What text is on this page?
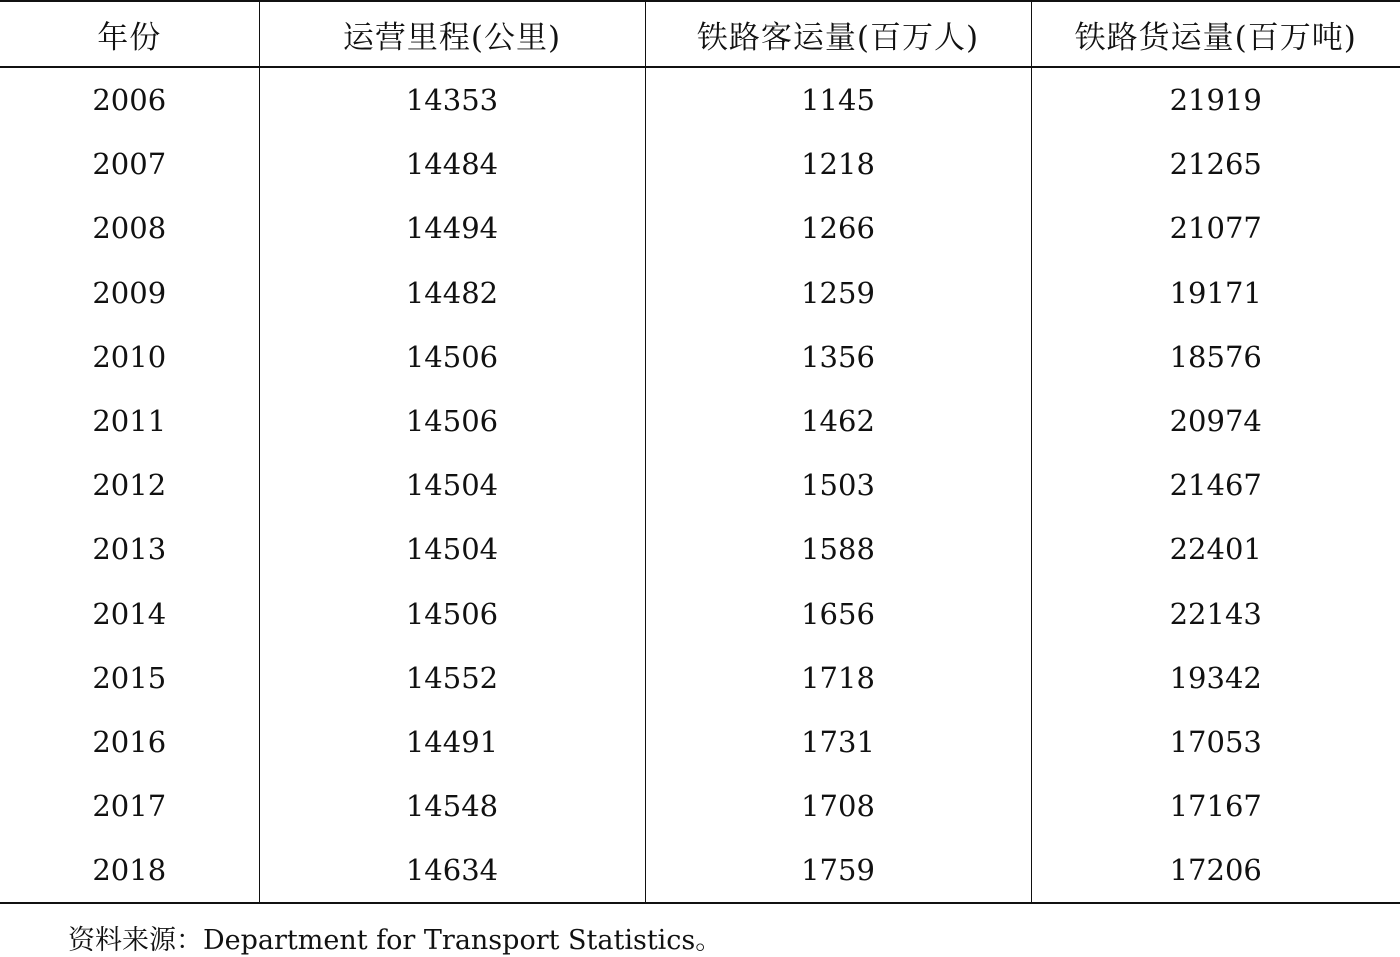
年份	运营里程(公里)	铁路客运量(百万人)	铁路货运量(百万吨)
2006	14353	1145	21919
2007	14484	1218	21265
2008	14494	1266	21077
2009	14482	1259	19171
2010	14506	1356	18576
2011	14506	1462	20974
2012	14504	1503	21467
2013	14504	1588	22401
2014	14506	1656	22143
2015	14552	1718	19342
2016	14491	1731	17053
2017	14548	1708	17167
2018	14634	1759	17206
资料来源：Department for Transport Statistics。
